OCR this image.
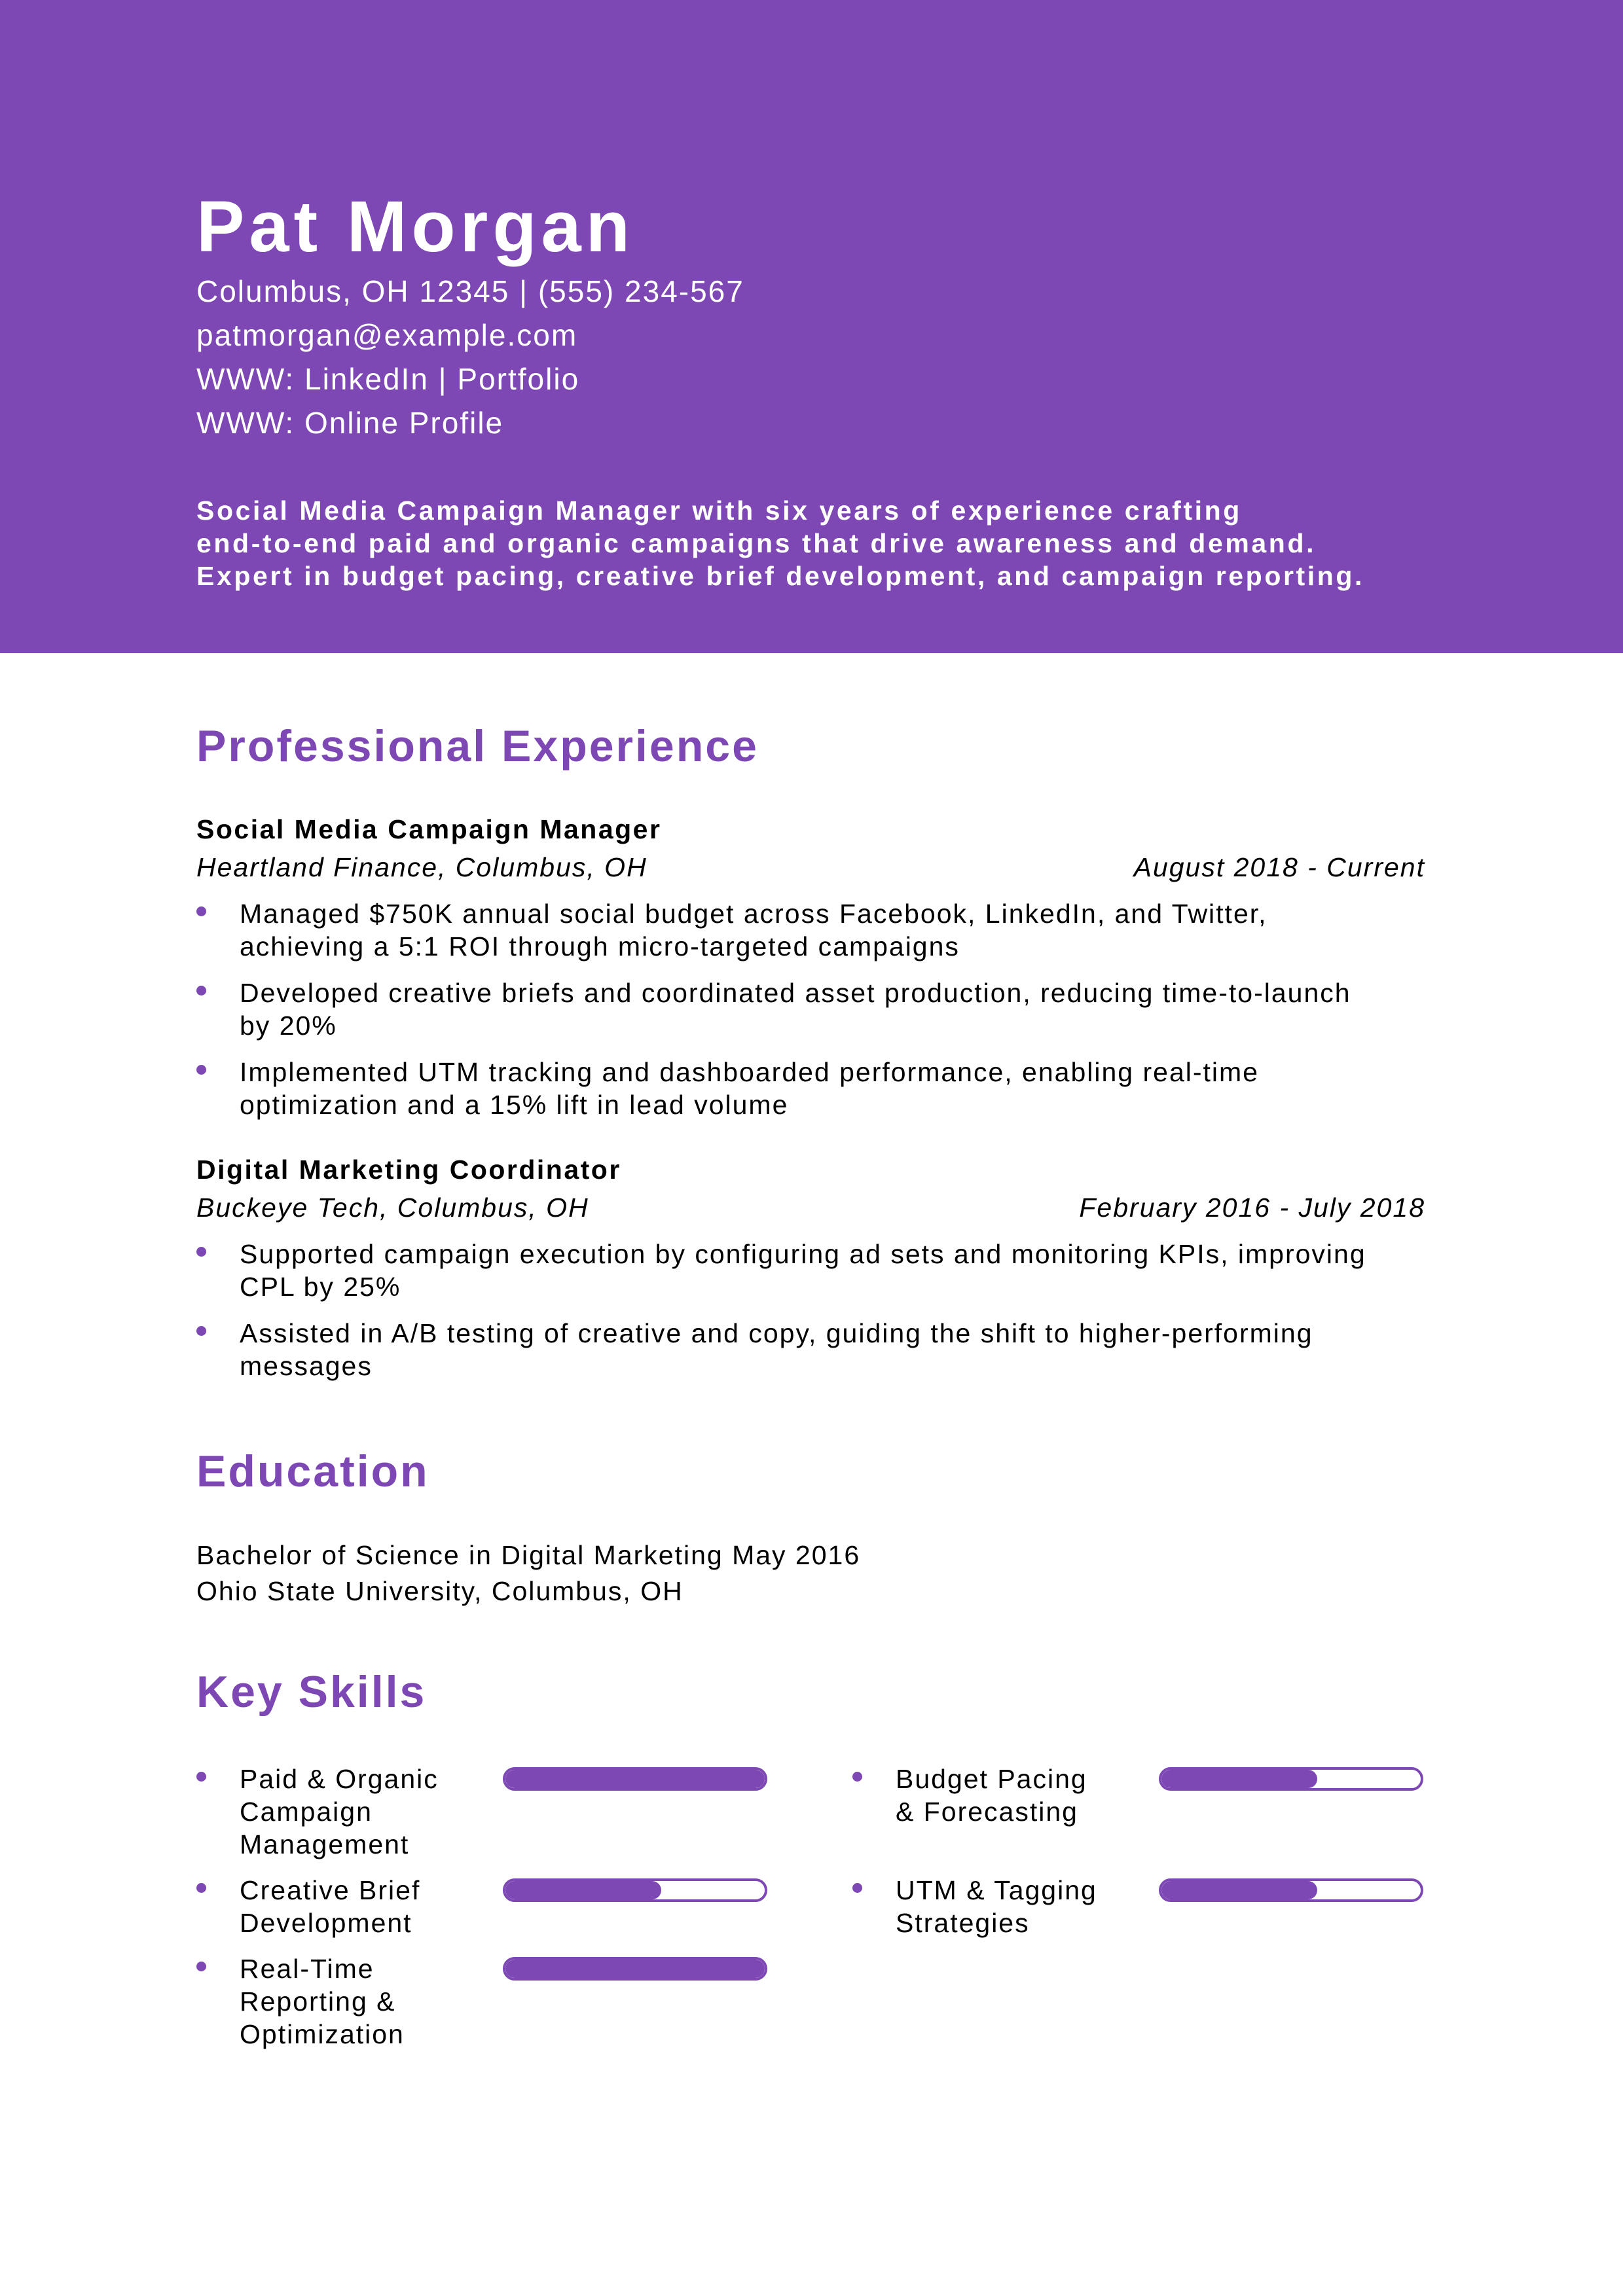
Pat Morgan
Columbus, OH 12345 | (555) 234-567
patmorgan@example.com
WWW: LinkedIn | Portfolio
WWW: Online Profile
Social Media Campaign Manager with six years of experience crafting
end-to-end paid and organic campaigns that drive awareness and demand.
Expert in budget pacing, creative brief development, and campaign reporting.
Professional Experience
Social Media Campaign Manager
Heartland Finance, Columbus, OH	August 2018 - Current
Managed $750K annual social budget across Facebook, LinkedIn, and Twitter,
achieving a 5:1 ROI through micro-targeted campaigns
Developed creative briefs and coordinated asset production, reducing time-to-launch
by 20%
Implemented UTM tracking and dashboarded performance, enabling real-time
optimization and a 15% lift in lead volume
Digital Marketing Coordinator
Buckeye Tech, Columbus, OH	February 2016 - July 2018
Supported campaign execution by configuring ad sets and monitoring KPIs, improving
CPL by 25%
Assisted in A/B testing of creative and copy, guiding the shift to higher-performing
messages
Education
Bachelor of Science in Digital Marketing May 2016
Ohio State University, Columbus, OH
Key Skills
Paid & Organic
Campaign
Management
Budget Pacing
& Forecasting
Creative Brief
Development
UTM & Tagging
Strategies
Real-Time
Reporting &
Optimization
